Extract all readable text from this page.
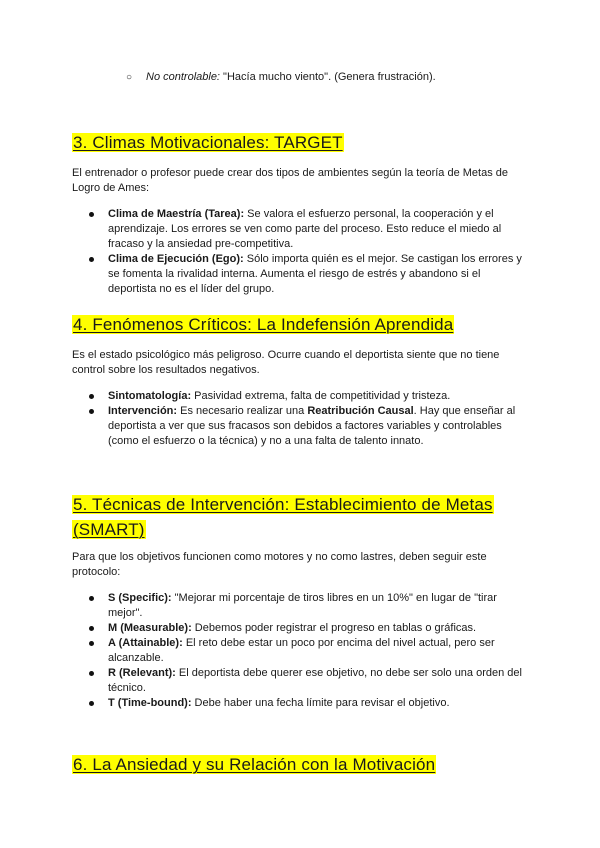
○ No controlable: "Hacía mucho viento". (Genera frustración).
3. Climas Motivacionales: TARGET

El entrenador o profesor puede crear dos tipos de ambientes según la teoría de Metas de Logro de Ames:

Clima de Maestría (Tarea): Se valora el esfuerzo personal, la cooperación y el aprendizaje. Los errores se ven como parte del proceso. Esto reduce el miedo al fracaso y la ansiedad pre-competitiva.
Clima de Ejecución (Ego): Sólo importa quién es el mejor. Se castigan los errores y se fomenta la rivalidad interna. Aumenta el riesgo de estrés y abandono si el deportista no es el líder del grupo.
4. Fenómenos Críticos: La Indefensión Aprendida

Es el estado psicológico más peligroso. Ocurre cuando el deportista siente que no tiene control sobre los resultados negativos.

Sintomatología: Pasividad extrema, falta de competitividad y tristeza.
Intervención: Es necesario realizar una Reatribución Causal. Hay que enseñar al deportista a ver que sus fracasos son debidos a factores variables y controlables (como el esfuerzo o la técnica) y no a una falta de talento innato.
5. Técnicas de Intervención: Establecimiento de Metas (SMART)

Para que los objetivos funcionen como motores y no como lastres, deben seguir este protocolo:

S (Specific): "Mejorar mi porcentaje de tiros libres en un 10%" en lugar de "tirar mejor".
M (Measurable): Debemos poder registrar el progreso en tablas o gráficas.
A (Attainable): El reto debe estar un poco por encima del nivel actual, pero ser alcanzable.
R (Relevant): El deportista debe querer ese objetivo, no debe ser solo una orden del técnico.
T (Time-bound): Debe haber una fecha límite para revisar el objetivo.
6. La Ansiedad y su Relación con la Motivación
